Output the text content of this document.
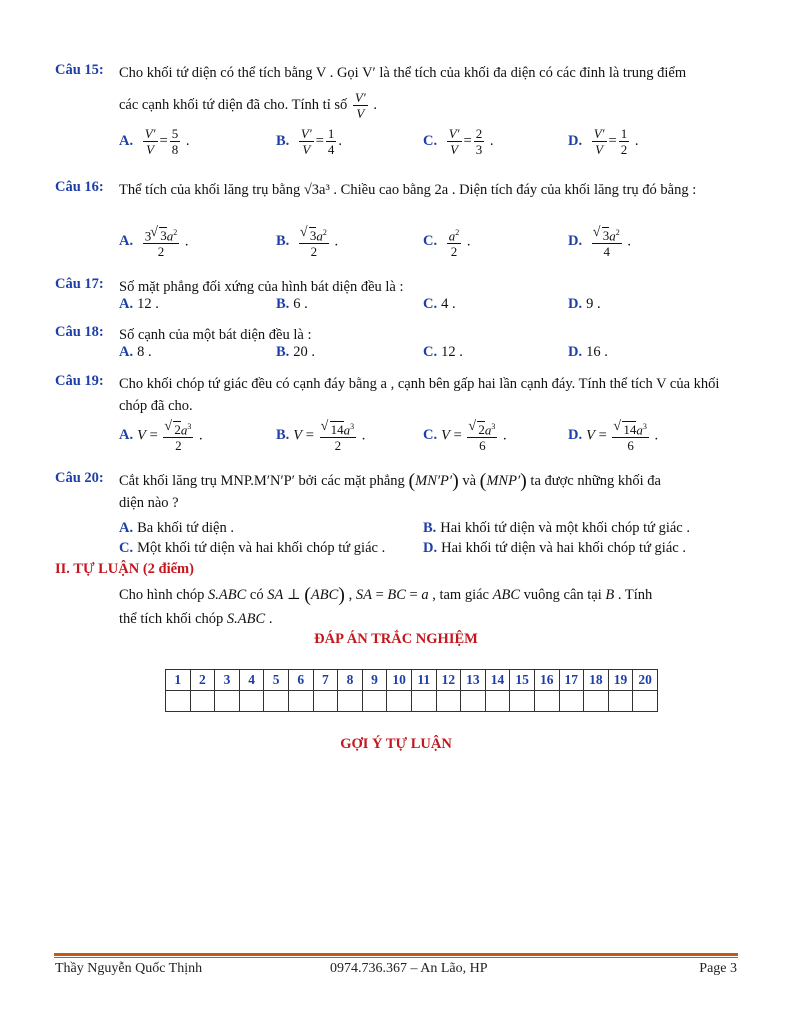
Câu 15: Cho khối tứ diện có thể tích bằng V . Gọi V′ là thể tích của khối đa diện có các đỉnh là trung điểm
các cạnh khối tứ diện đã cho. Tính tỉ số $\frac{V'}{V}$ .
A. $\frac{V'}{V} = \frac{5}{8}$ .	B. $\frac{V'}{V} = \frac{1}{4}$ .	C. $\frac{V'}{V} = \frac{2}{3}$ .	D. $\frac{V'}{V} = \frac{1}{2}$ .
Câu 16: Thể tích của khối lăng trụ bằng √3a³ . Chiều cao bằng 2a . Diện tích đáy của khối lăng trụ đó bằng :
A. $\frac{3 √ 3a^2}{2}$ .	B. √ $\frac{3a^2}{2}$ .	C. $\frac{a^2}{2}$ .	D. √ $\frac{3a^2}{4}$ .
Câu 17: Số mặt phẳng đối xứng của hình bát diện đều là :
A. 12 .	B. 6 .	C. 4 .	D. 9 .
Câu 18: Số cạnh của một bát diện đều là :
A. 8 .	B. 20 .	C. 12 .	D. 16 .
Câu 19: Cho khối chóp tứ giác đều có cạnh đáy bằng a , cạnh bên gấp hai lần cạnh đáy. Tính thể tích V của khối chóp đã cho.
A. V = √ $\frac{2a^3}{2}$ .	B. V = √ $\frac{14a^3}{2}$ .	C. V = √ $\frac{2a^3}{6}$ .	D. V = √ $\frac{14a^3}{6}$ .
Câu 20: Cắt khối lăng trụ MNP.M′N′P′ bởi các mặt phẳng (MN′P′) và (MNP′) ta được những khối đa
diện nào ?
A. Ba khối tứ diện .	B. Hai khối tứ diện và một khối chóp tứ giác .
C. Một khối tứ diện và hai khối chóp tứ giác .	D. Hai khối tứ diện và hai khối chóp tứ giác .
II. TỰ LUẬN (2 điểm)
Cho hình chóp S.ABC có SA ⊥ (ABC) , SA = BC = a , tam giác ABC vuông cân tại B . Tính
thể tích khối chóp S.ABC .
ĐÁP ÁN TRẮC NGHIỆM
1	2	3	4	5	6	7	8	9	10	11	12	13	14	15	16	17	18	19	20

GỢI Ý TỰ LUẬN
Thầy Nguyễn Quốc Thịnh	0974.736.367 – An Lão, HP	Page 3
